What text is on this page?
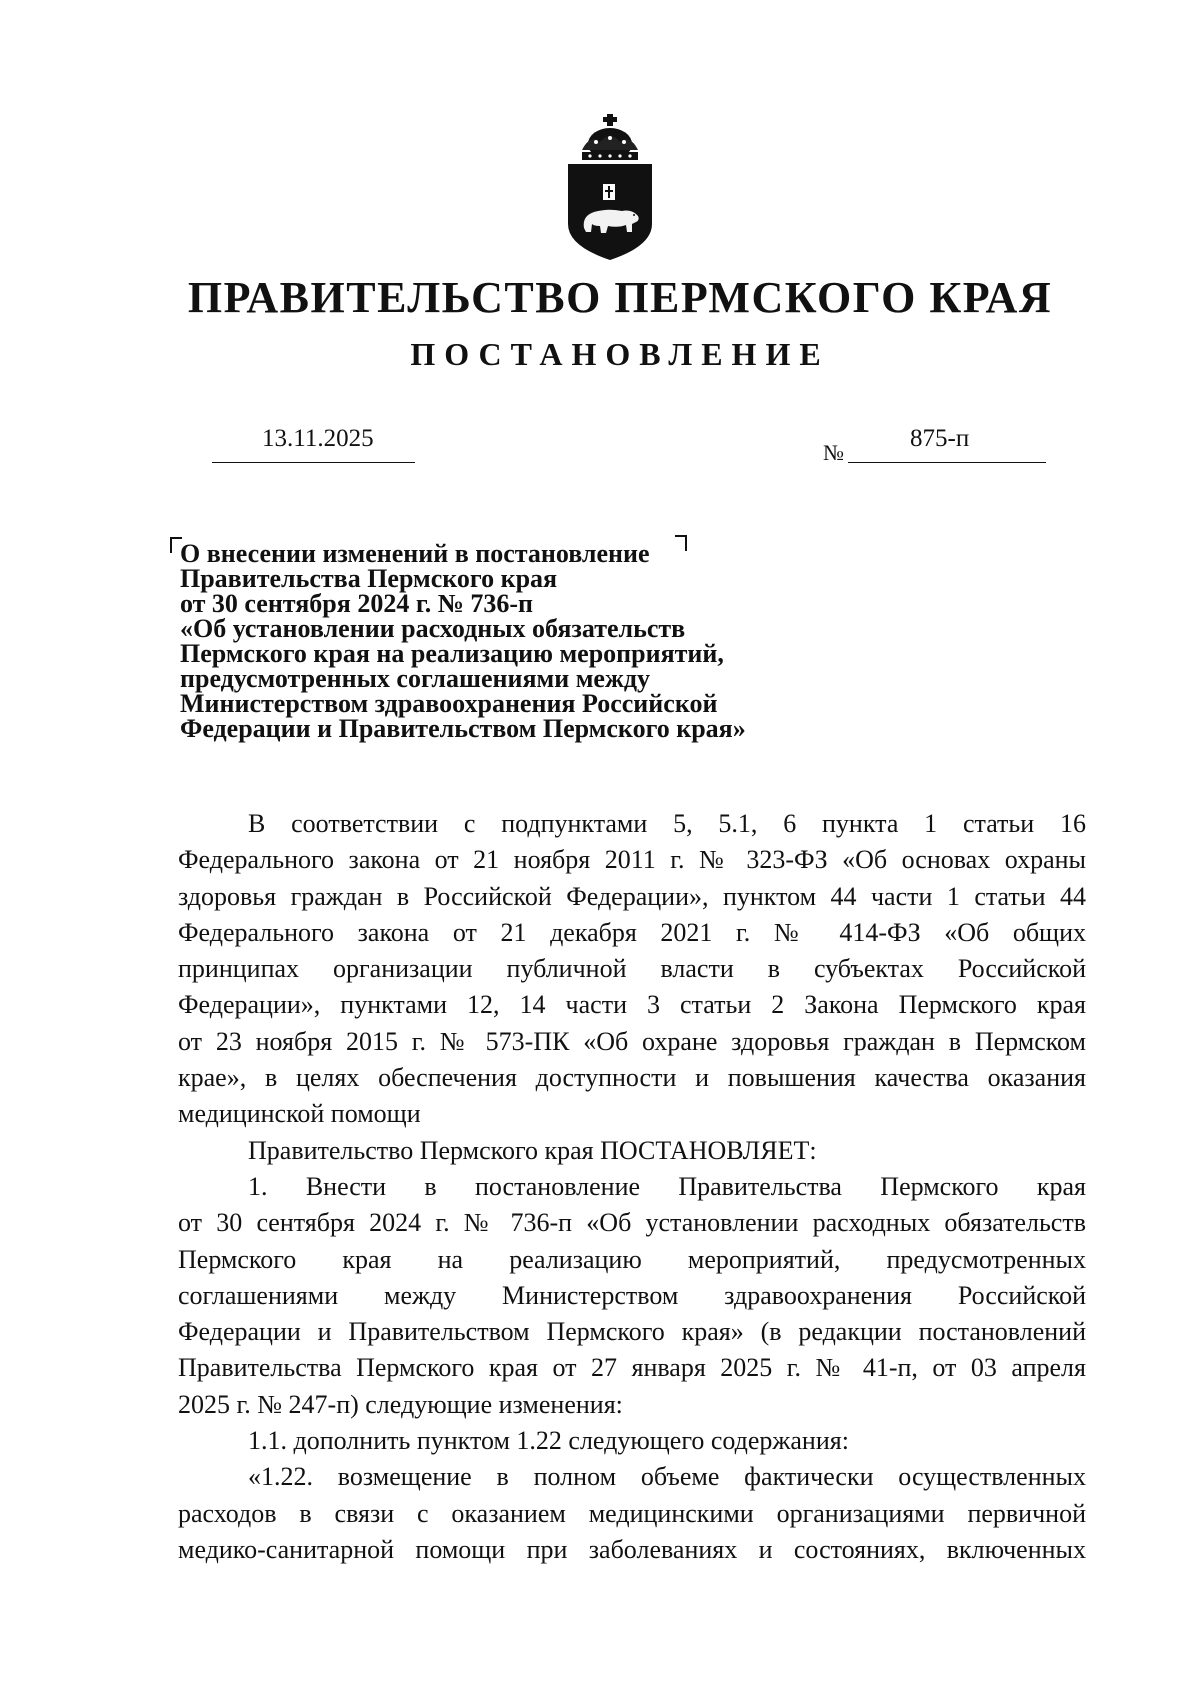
ПРАВИТЕЛЬСТВО ПЕРМСКОГО КРАЯ
ПОСТАНОВЛЕНИЕ
13.11.2025
№
875-п
О внесении изменений в постановление
Правительства Пермского края
от 30 сентября 2024 г. № 736-п
«Об установлении расходных обязательств
Пермского края на реализацию мероприятий,
предусмотренных соглашениями между
Министерством здравоохранения Российской
Федерации и Правительством Пермского края»
В соответствии с подпунктами 5, 5.1, 6 пункта 1 статьи 16
Федерального закона от 21 ноября 2011 г. № 323-ФЗ «Об основах охраны
здоровья граждан в Российской Федерации», пунктом 44 части 1 статьи 44
Федерального закона от 21 декабря 2021 г. № 414-ФЗ «Об общих
принципах организации публичной власти в субъектах Российской
Федерации», пунктами 12, 14 части 3 статьи 2 Закона Пермского края
от 23 ноября 2015 г. № 573-ПК «Об охране здоровья граждан в Пермском
крае», в целях обеспечения доступности и повышения качества оказания
медицинской помощи
Правительство Пермского края ПОСТАНОВЛЯЕТ:
1. Внести в постановление Правительства Пермского края
от 30 сентября 2024 г. № 736-п «Об установлении расходных обязательств
Пермского края на реализацию мероприятий, предусмотренных
соглашениями между Министерством здравоохранения Российской
Федерации и Правительством Пермского края» (в редакции постановлений
Правительства Пермского края от 27 января 2025 г. № 41-п, от 03 апреля
2025 г. № 247-п) следующие изменения:
1.1. дополнить пунктом 1.22 следующего содержания:
«1.22. возмещение в полном объеме фактически осуществленных
расходов в связи с оказанием медицинскими организациями первичной
медико-санитарной помощи при заболеваниях и состояниях, включенных
